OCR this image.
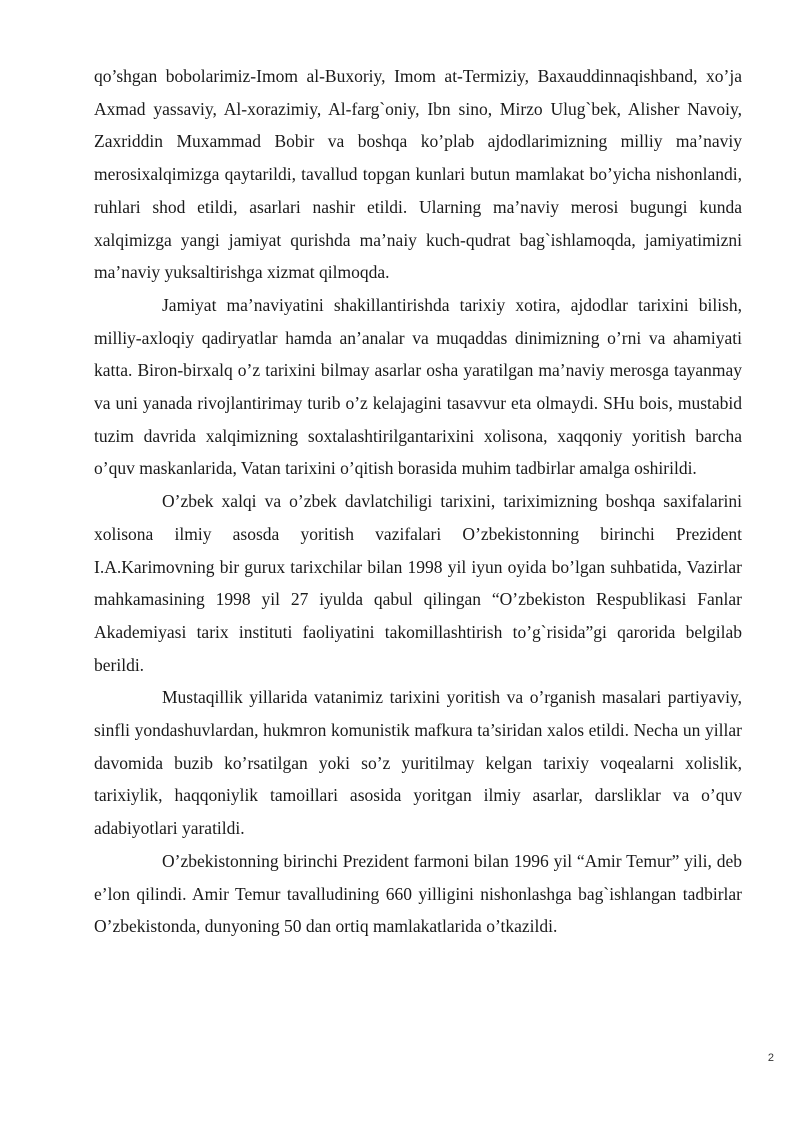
qo’shgan bobolarimiz-Imom al-Buxoriy, Imom at-Termiziy, Baxauddinnaqishband, xo’ja Axmad yassaviy, Al-xorazimiy, Al-farg`oniy, Ibn sino, Mirzo Ulug`bek, Alisher Navoiy, Zaxriddin Muxammad Bobir va boshqa ko’plab ajdodlarimizning milliy ma’naviy merosixalqimizga qaytarildi, tavallud topgan kunlari butun mamlakat bo’yicha nishonlandi, ruhlari shod etildi, asarlari nashir etildi. Ularning ma’naviy merosi bugungi kunda xalqimizga yangi jamiyat qurishda ma’naiy kuch-qudrat bag`ishlamoqda, jamiyatimizni ma’naviy yuksaltirishga xizmat qilmoqda.

Jamiyat ma’naviyatini shakillantirishda tarixiy xotira, ajdodlar tarixini bilish, milliy-axloqiy qadiryatlar hamda an’analar va muqaddas dinimizning o’rni va ahamiyati katta. Biron-birxalq o’z tarixini bilmay asarlar osha yaratilgan ma’naviy merosga tayanmay va uni yanada rivojlantirimay turib o’z kelajagini tasavvur eta olmaydi. SHu bois, mustabid tuzim davrida xalqimizning soxtalashtirilgantarixini xolisona, xaqqoniy yoritish barcha o’quv maskanlarida, Vatan tarixini o’qitish borasida muhim tadbirlar amalga oshirildi.

O’zbek xalqi va o’zbek davlatchiligi tarixini, tariximizning boshqa saxifalarini xolisona ilmiy asosda yoritish vazifalari O’zbekistonning birinchi Prezident I.A.Karimovning bir gurux tarixchilar bilan 1998 yil iyun oyida bo’lgan suhbatida, Vazirlar mahkamasining 1998 yil 27 iyulda qabul qilingan “O’zbekiston Respublikasi Fanlar Akademiyasi tarix instituti faoliyatini takomillashtirish to’g`risida”gi qarorida belgilab berildi.

Mustaqillik yillarida vatanimiz tarixini yoritish va o’rganish masalari partiyaviy, sinfli yondashuvlardan, hukmron komunistik mafkura ta’siridan xalos etildi. Necha un yillar davomida buzib ko’rsatilgan yoki so’z yuritilmay kelgan tarixiy voqealarni xolislik, tarixiylik, haqqoniylik tamoillari asosida yoritgan ilmiy asarlar, darsliklar va o’quv adabiyotlari yaratildi.

O’zbekistonning birinchi Prezident farmoni bilan 1996 yil “Amir Temur” yili, deb e’lon qilindi. Amir Temur tavalludining 660 yilligini nishonlashga bag`ishlangan tadbirlar O’zbekistonda, dunyoning 50 dan ortiq mamlakatlarida o’tkazildi.

2
